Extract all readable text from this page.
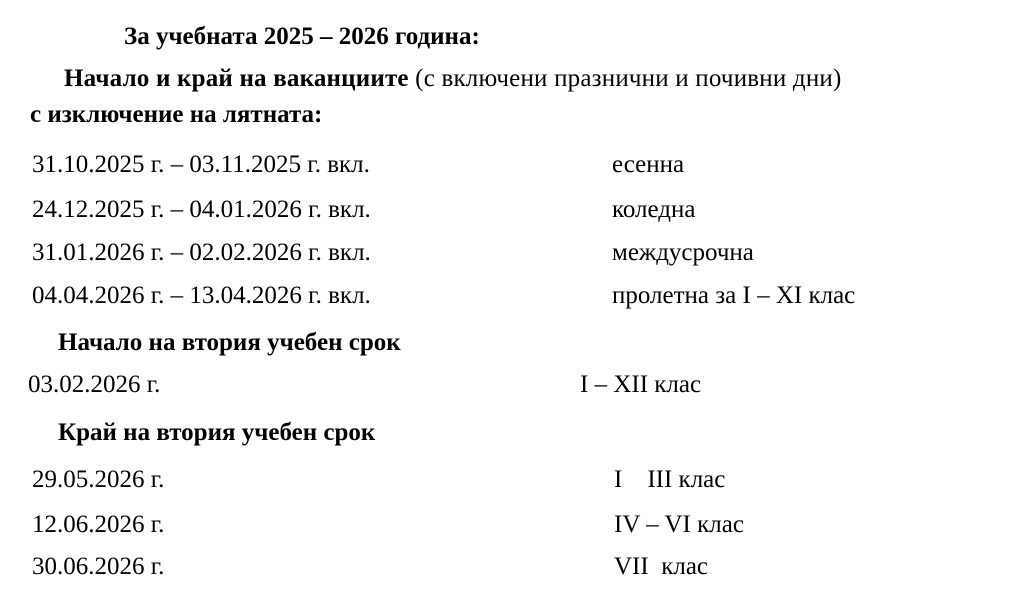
За учебната 2025 – 2026 година:
Начало и край на ваканциите (с включени празнични и почивни дни)
с изключение на лятната:
31.10.2025 г. – 03.11.2025 г. вкл.	есенна
24.12.2025 г. – 04.01.2026 г. вкл.	коледна
31.01.2026 г. – 02.02.2026 г. вкл.	междусрочна
04.04.2026 г. – 13.04.2026 г. вкл.	пролетна за I – XI клас
Начало на втория учебен срок
03.02.2026 г.	I – XII клас
Край на втория учебен срок
29.05.2026 г.	I    III клас
12.06.2026 г.	IV – VI клас
30.06.2026 г.	VII  клас
